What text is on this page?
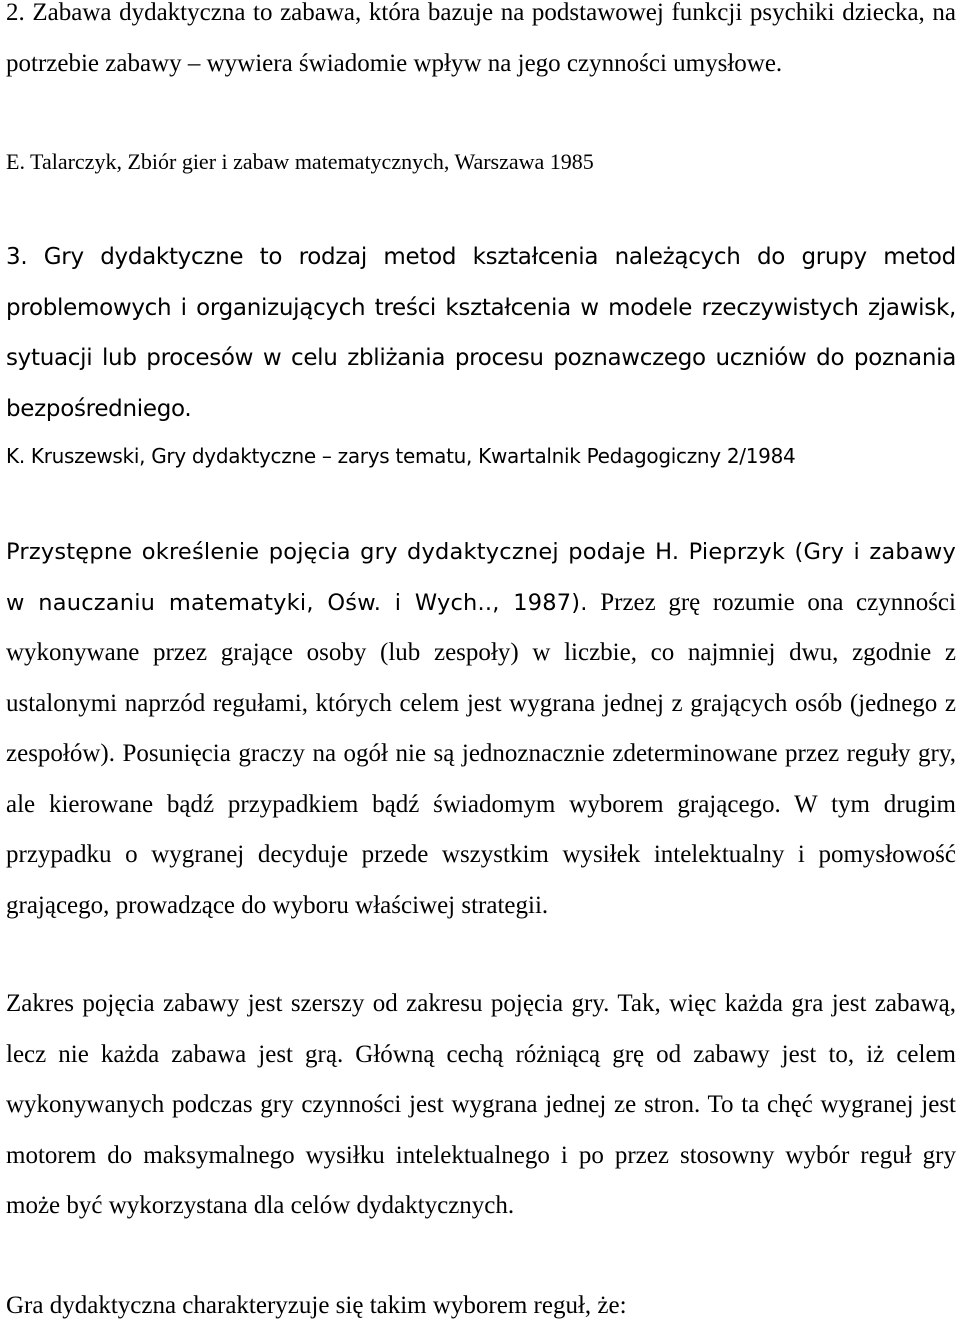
2. Zabawa dydaktyczna to zabawa, która bazuje na podstawowej funkcji psychiki dziecka, na potrzebie zabawy – wywiera świadomie wpływ na jego czynności umysłowe.

E. Talarczyk, Zbiór gier i zabaw matematycznych, Warszawa 1985

3. Gry dydaktyczne to rodzaj metod kształcenia należących do grupy metod problemowych i organizujących treści kształcenia w modele rzeczywistych zjawisk, sytuacji lub procesów w celu zbliżania procesu poznawczego uczniów do poznania bezpośredniego.

K. Kruszewski, Gry dydaktyczne – zarys tematu, Kwartalnik Pedagogiczny 2/1984

Przystępne określenie pojęcia gry dydaktycznej podaje H. Pieprzyk (Gry i zabawy w nauczaniu matematyki, Ośw. i Wych.., 1987). Przez grę rozumie ona czynności wykonywane przez grające osoby (lub zespoły) w liczbie, co najmniej dwu, zgodnie z ustalonymi naprzód regułami, których celem jest wygrana jednej z grających osób (jednego z zespołów). Posunięcia graczy na ogół nie są jednoznacznie zdeterminowane przez reguły gry, ale kierowane bądź przypadkiem bądź świadomym wyborem grającego. W tym drugim przypadku o wygranej decyduje przede wszystkim wysiłek intelektualny i pomysłowość grającego, prowadzące do wyboru właściwej strategii.

Zakres pojęcia zabawy jest szerszy od zakresu pojęcia gry. Tak, więc każda gra jest zabawą, lecz nie każda zabawa jest grą. Główną cechą różniącą grę od zabawy jest to, iż celem wykonywanych podczas gry czynności jest wygrana jednej ze stron. To ta chęć wygranej jest motorem do maksymalnego wysiłku intelektualnego i po przez stosowny wybór reguł gry może być wykorzystana dla celów dydaktycznych.

Gra dydaktyczna charakteryzuje się takim wyborem reguł, że:
